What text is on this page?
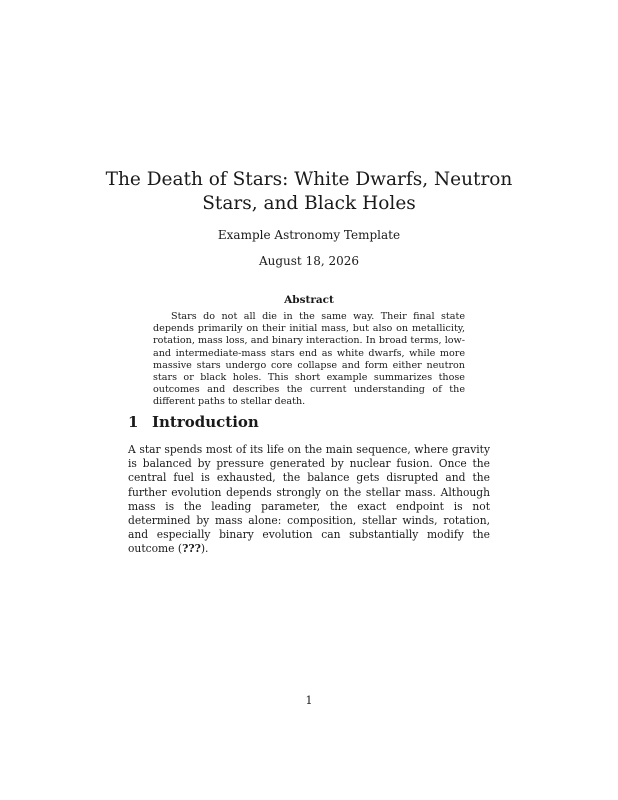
The Death of Stars: White Dwarfs, Neutron Stars, and Black Holes
Example Astronomy Template
August 18, 2026
Abstract
Stars do not all die in the same way. Their final state depends primarily on their initial mass, but also on metallicity, rotation, mass loss, and binary interaction. In broad terms, low- and intermediate-mass stars end as white dwarfs, while more massive stars undergo core collapse and form either neutron stars or black holes. This short example summarizes those outcomes and describes the current understanding of the different paths to stellar death.
1 Introduction
A star spends most of its life on the main sequence, where gravity is balanced by pressure generated by nuclear fusion. Once the central fuel is exhausted, the balance gets disrupted and the further evolution depends strongly on the stellar mass. Although mass is the leading parameter, the exact endpoint is not determined by mass alone: composition, stellar winds, rotation, and especially binary evolution can substantially modify the outcome (???).
1
